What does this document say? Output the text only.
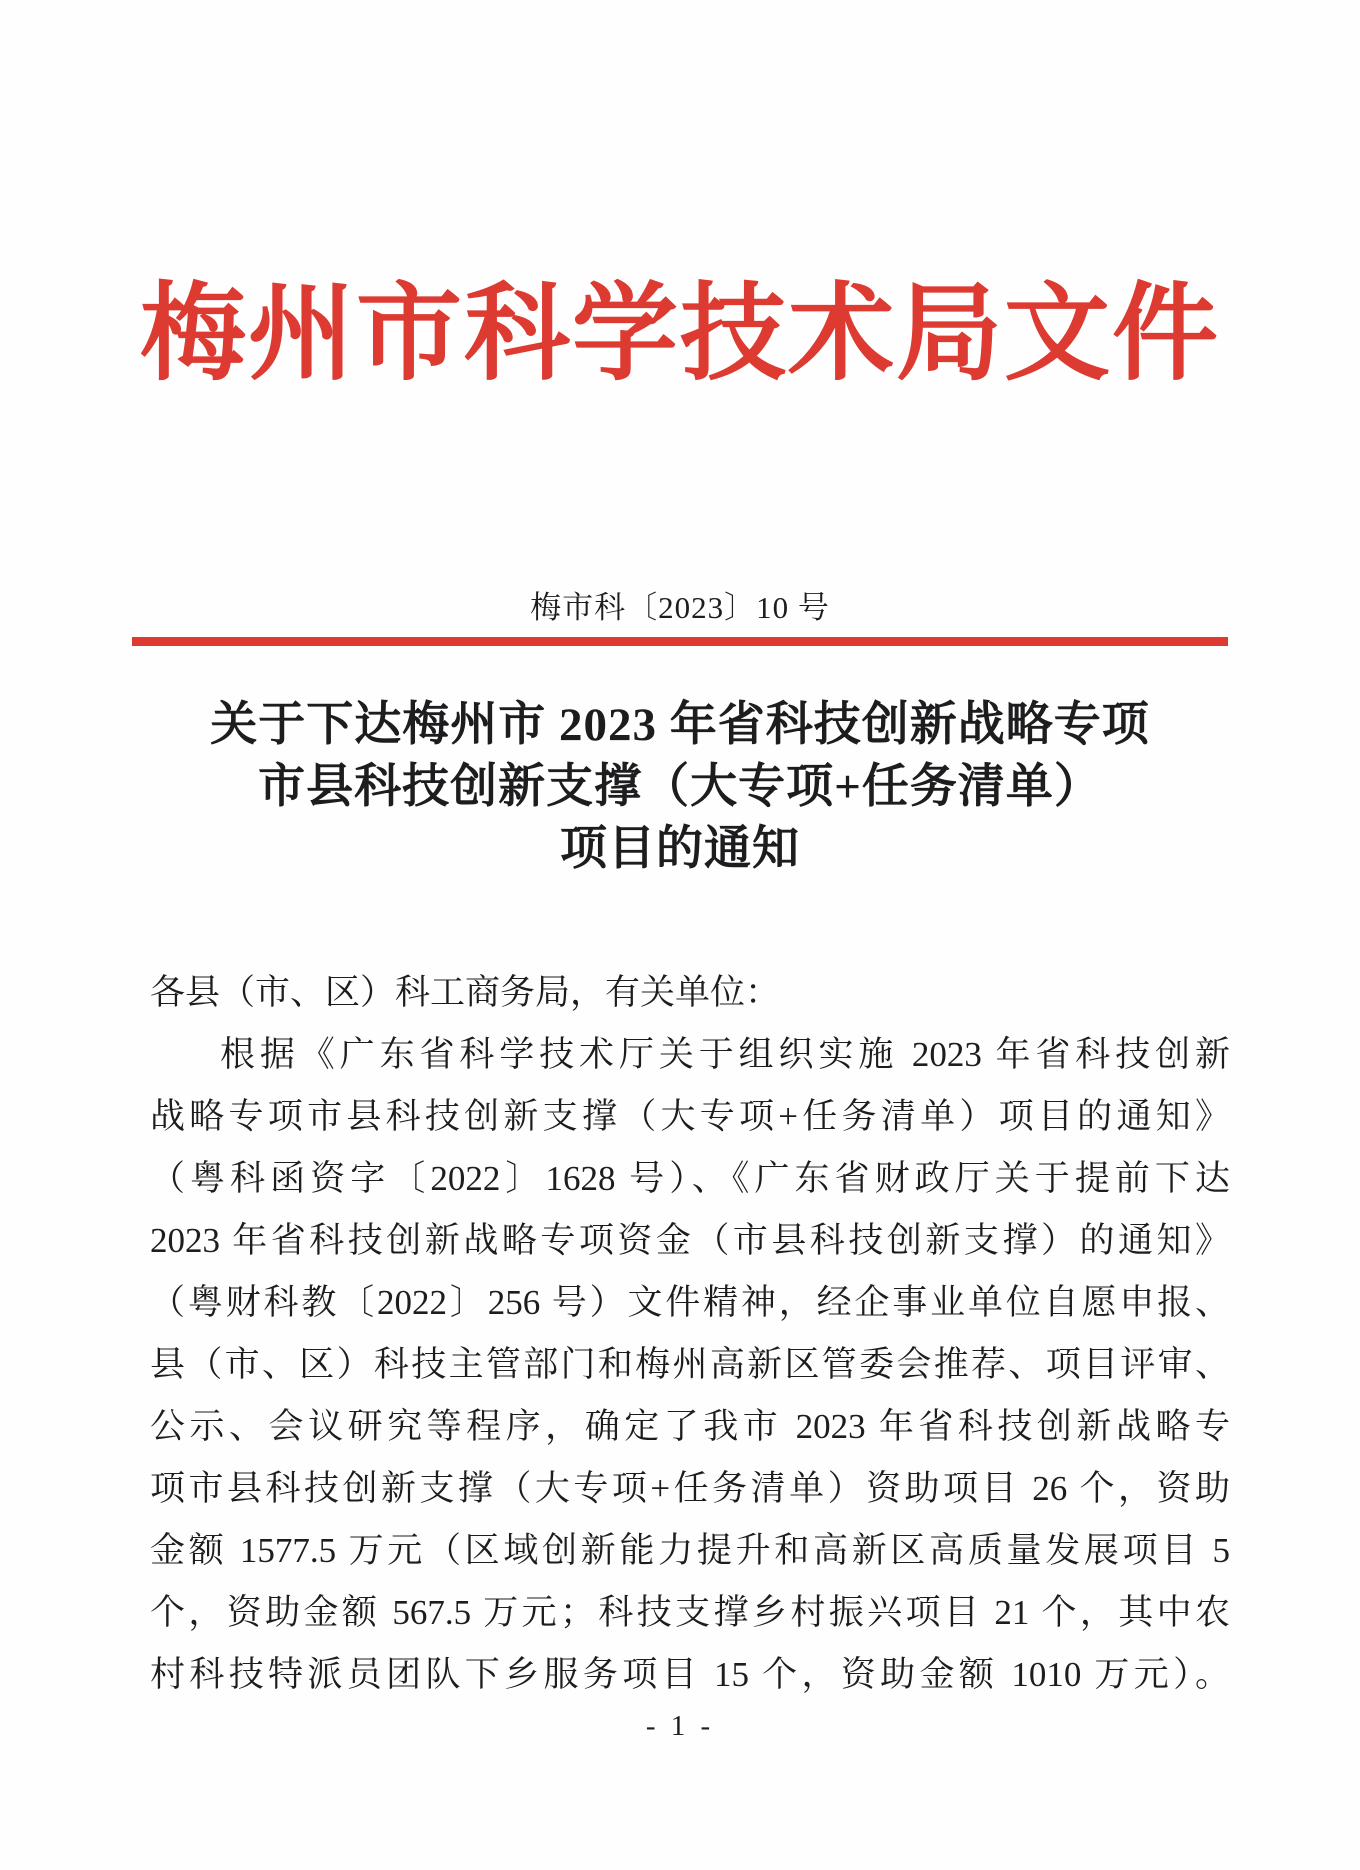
梅州市科学技术局文件
梅市科〔2023〕10 号
关于下达梅州市 2023 年省科技创新战略专项
市县科技创新支撑（大专项+任务清单）
项目的通知
各县（市、区）科工商务局，有关单位：
根据《广东省科学技术厅关于组织实施 2023 年省科技创新
战略专项市县科技创新支撑（大专项+任务清单）项目的通知》
（粤科函资字〔2022〕1628 号）、《广东省财政厅关于提前下达
2023 年省科技创新战略专项资金（市县科技创新支撑）的通知》
（粤财科教〔2022〕256 号）文件精神，经企事业单位自愿申报、
县（市、区）科技主管部门和梅州高新区管委会推荐、项目评审、
公示、会议研究等程序，确定了我市 2023 年省科技创新战略专
项市县科技创新支撑（大专项+任务清单）资助项目 26 个，资助
金额 1577.5 万元（区域创新能力提升和高新区高质量发展项目 5
个，资助金额 567.5 万元；科技支撑乡村振兴项目 21 个，其中农
村科技特派员团队下乡服务项目 15 个，资助金额 1010 万元）。
- 1 -
